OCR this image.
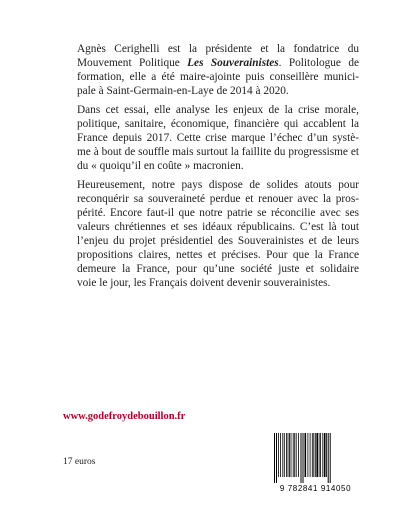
Agnès Cerighelli est la présidente et la fondatrice du
Mouvement Politique Les Souverainistes. Politologue de
formation, elle a été maire-ajointe puis conseillère munici-
pale à Saint-Germain-en-Laye de 2014 à 2020.

Dans cet essai, elle analyse les enjeux de la crise morale,
politique, sanitaire, économique, financière qui accablent la
France depuis 2017. Cette crise marque l’échec d’un systè-
me à bout de souffle mais surtout la faillite du progressisme et
du « quoiqu’il en coûte » macronien.

Heureusement, notre pays dispose de solides atouts pour
reconquérir sa souveraineté perdue et renouer avec la pros-
périté. Encore faut-il que notre patrie se réconcilie avec ses
valeurs chrétiennes et ses idéaux républicains. C’est là tout
l’enjeu du projet présidentiel des Souverainistes et de leurs
propositions claires, nettes et précises. Pour que la France
demeure la France, pour qu’une société juste et solidaire
voie le jour, les Français doivent devenir souverainistes.

www.godefroydebouillon.fr
17 euros
9 782841 914050
